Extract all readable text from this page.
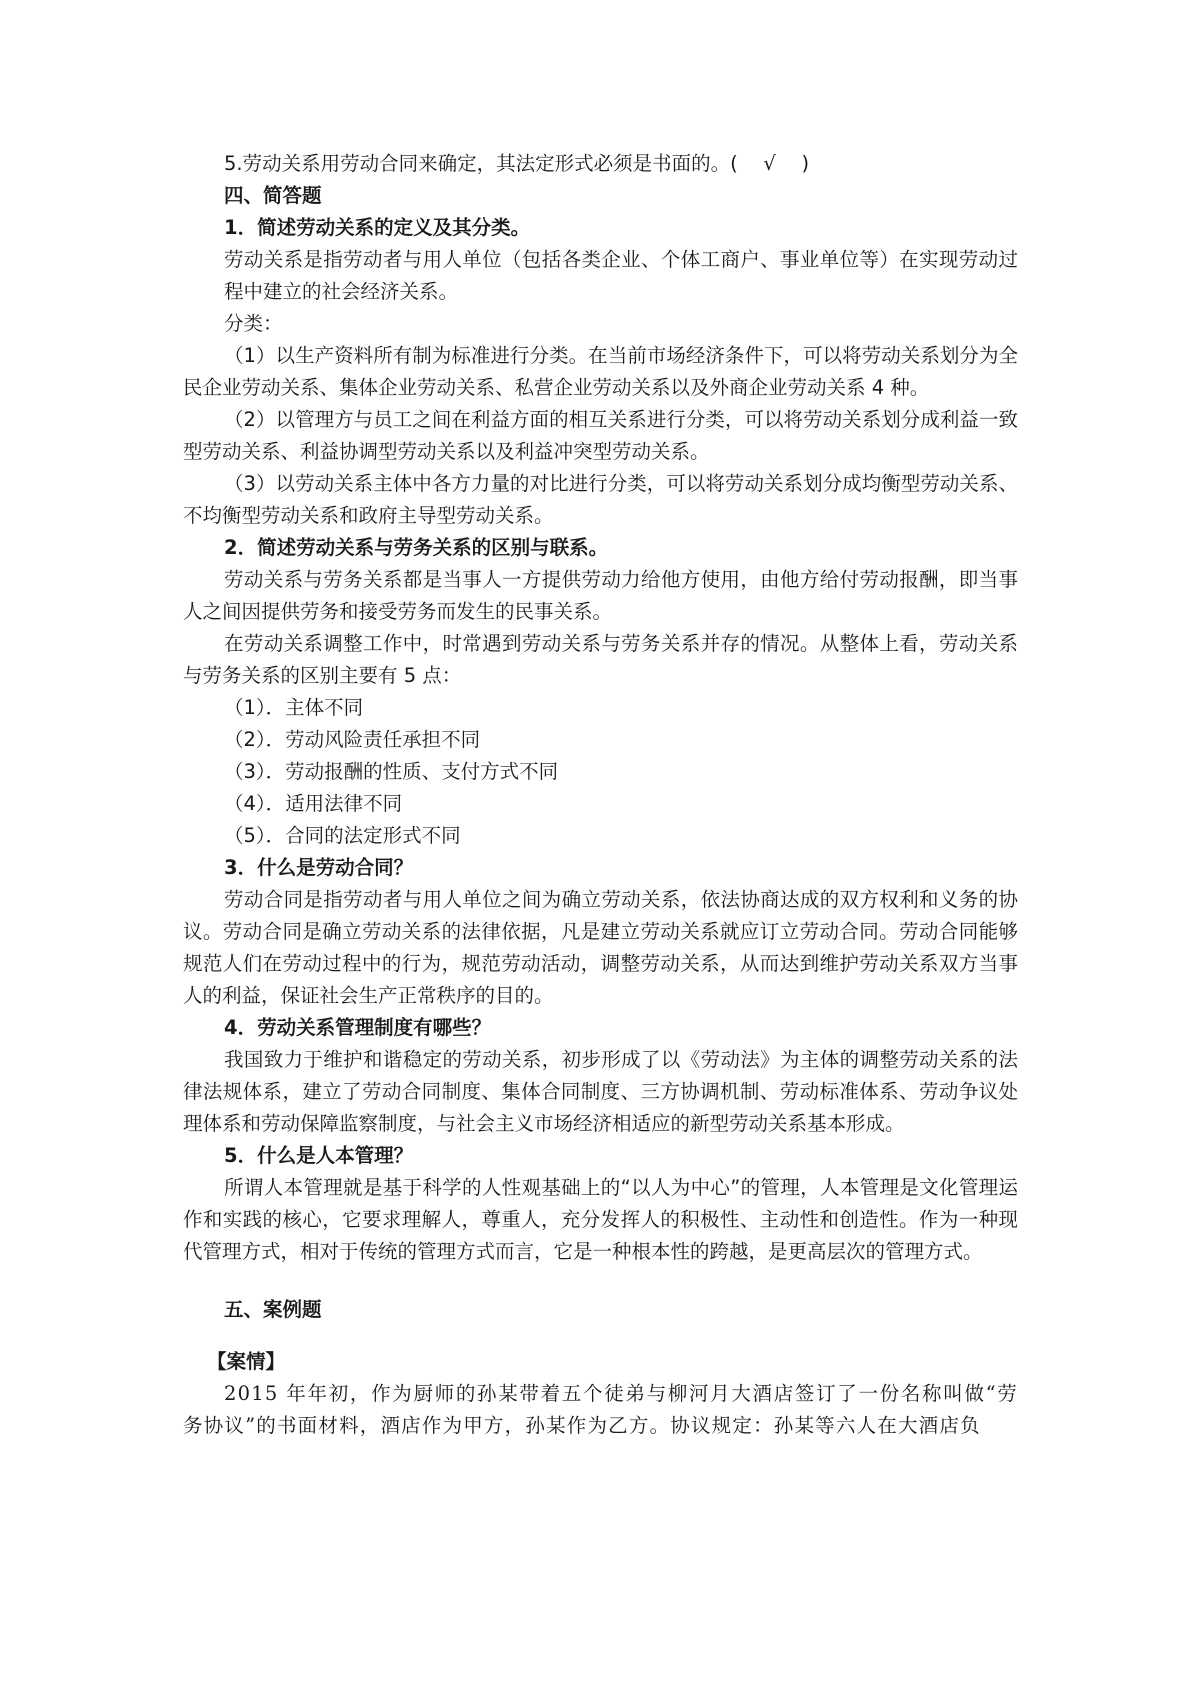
5.劳动关系用劳动合同来确定，其法定形式必须是书面的。(　 √　 )

四、简答题

1．简述劳动关系的定义及其分类。

劳动关系是指劳动者与用人单位（包括各类企业、个体工商户、事业单位等）在实现劳动过程中建立的社会经济关系。

分类：

（1）以生产资料所有制为标准进行分类。在当前市场经济条件下，可以将劳动关系划分为全民企业劳动关系、集体企业劳动关系、私营企业劳动关系以及外商企业劳动关系 4 种。

（2）以管理方与员工之间在利益方面的相互关系进行分类，可以将劳动关系划分成利益一致型劳动关系、利益协调型劳动关系以及利益冲突型劳动关系。

（3）以劳动关系主体中各方力量的对比进行分类，可以将劳动关系划分成均衡型劳动关系、不均衡型劳动关系和政府主导型劳动关系。

2．简述劳动关系与劳务关系的区别与联系。

劳动关系与劳务关系都是当事人一方提供劳动力给他方使用，由他方给付劳动报酬，即当事人之间因提供劳务和接受劳务而发生的民事关系。

在劳动关系调整工作中，时常遇到劳动关系与劳务关系并存的情况。从整体上看，劳动关系与劳务关系的区别主要有 5 点：

（1）．主体不同

（2）．劳动风险责任承担不同

（3）．劳动报酬的性质、支付方式不同

（4）．适用法律不同

（5）．合同的法定形式不同

3．什么是劳动合同？

劳动合同是指劳动者与用人单位之间为确立劳动关系，依法协商达成的双方权利和义务的协议。劳动合同是确立劳动关系的法律依据，凡是建立劳动关系就应订立劳动合同。劳动合同能够规范人们在劳动过程中的行为，规范劳动活动，调整劳动关系，从而达到维护劳动关系双方当事人的利益，保证社会生产正常秩序的目的。

4．劳动关系管理制度有哪些？

我国致力于维护和谐稳定的劳动关系，初步形成了以《劳动法》为主体的调整劳动关系的法律法规体系，建立了劳动合同制度、集体合同制度、三方协调机制、劳动标准体系、劳动争议处理体系和劳动保障监察制度，与社会主义市场经济相适应的新型劳动关系基本形成。

5．什么是人本管理？

所谓人本管理就是基于科学的人性观基础上的“以人为中心”的管理，人本管理是文化管理运作和实践的核心，它要求理解人，尊重人，充分发挥人的积极性、主动性和创造性。作为一种现代管理方式，相对于传统的管理方式而言，它是一种根本性的跨越，是更高层次的管理方式。

五、案例题

【案情】

2015 年年初，作为厨师的孙某带着五个徒弟与柳河月大酒店签订了一份名称叫做“劳务协议”的书面材料，酒店作为甲方，孙某作为乙方。协议规定：孙某等六人在大酒店负
